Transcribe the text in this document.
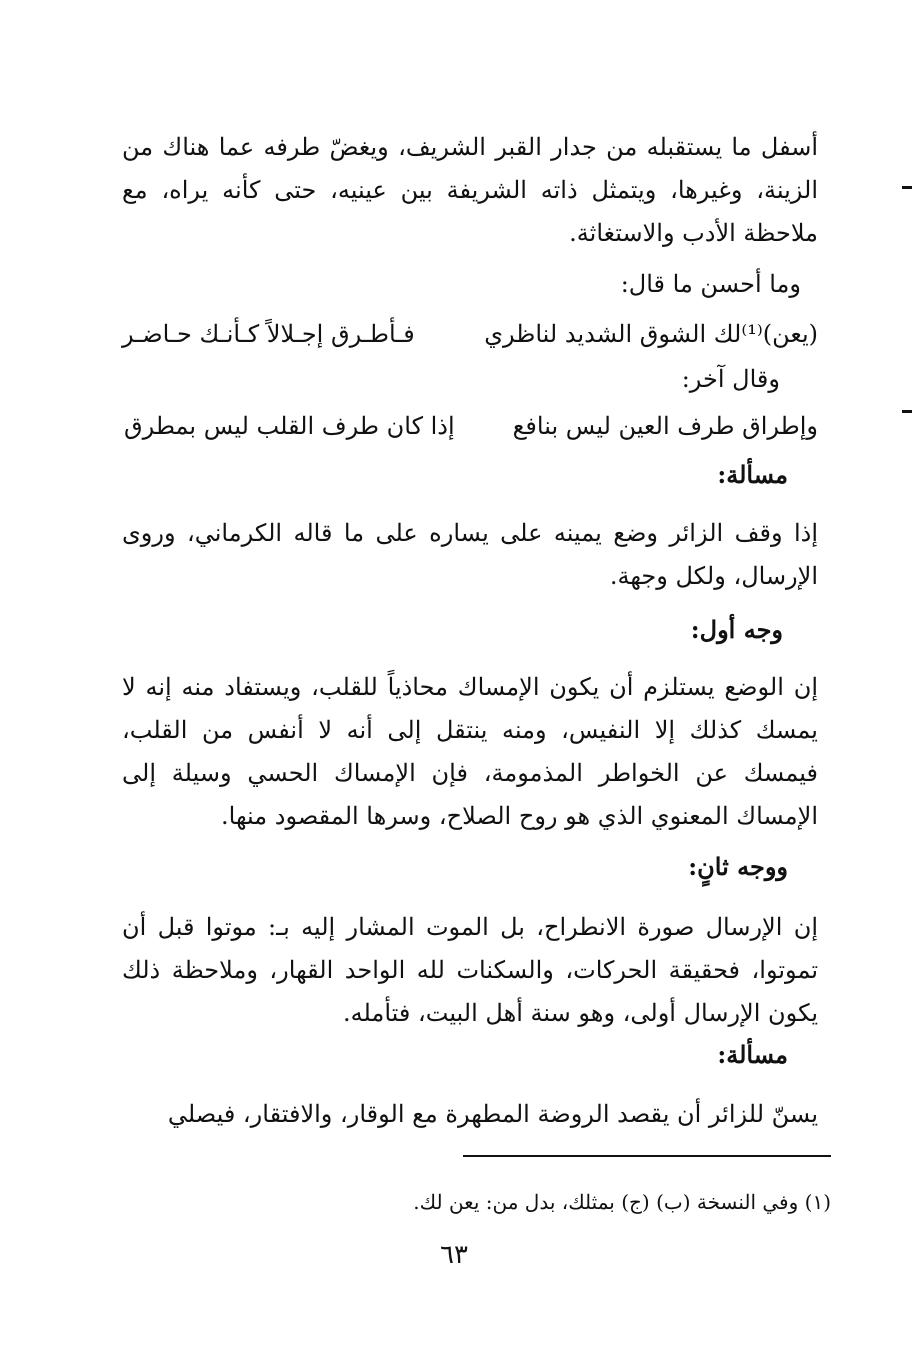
أسفل ما يستقبله من جدار القبر الشريف، ويغضّ طرفه عما هناك من الزينة، وغيرها، ويتمثل ذاته الشريفة بين عينيه، حتى كأنه يراه، مع ملاحظة الأدب والاستغاثة.
وما أحسن ما قال:
(يعن)⁽¹⁾لك الشوق الشديد لناظري
فـأطـرق إجـلالاً كـأنـك حـاضـر
وقال آخر:
وإطراق طرف العين ليس بنافع
إذا كان طرف القلب ليس بمطرق
مسألة:
إذا وقف الزائر وضع يمينه على يساره على ما قاله الكرماني، وروى الإرسال، ولكل وجهة.
وجه أول:
إن الوضع يستلزم أن يكون الإمساك محاذياً للقلب، ويستفاد منه إنه لا يمسك كذلك إلا النفيس، ومنه ينتقل إلى أنه لا أنفس من القلب، فيمسك عن الخواطر المذمومة، فإن الإمساك الحسي وسيلة إلى الإمساك المعنوي الذي هو روح الصلاح، وسرها المقصود منها.
ووجه ثانٍ:
إن الإرسال صورة الانطراح، بل الموت المشار إليه بـ: موتوا قبل أن تموتوا، فحقيقة الحركات، والسكنات لله الواحد القهار، وملاحظة ذلك يكون الإرسال أولى، وهو سنة أهل البيت، فتأمله.
مسألة:
يسنّ للزائر أن يقصد الروضة المطهرة مع الوقار، والافتقار، فيصلي
(١) وفي النسخة (ب) (ج) بمثلك، بدل من: يعن لك.
٦٣
